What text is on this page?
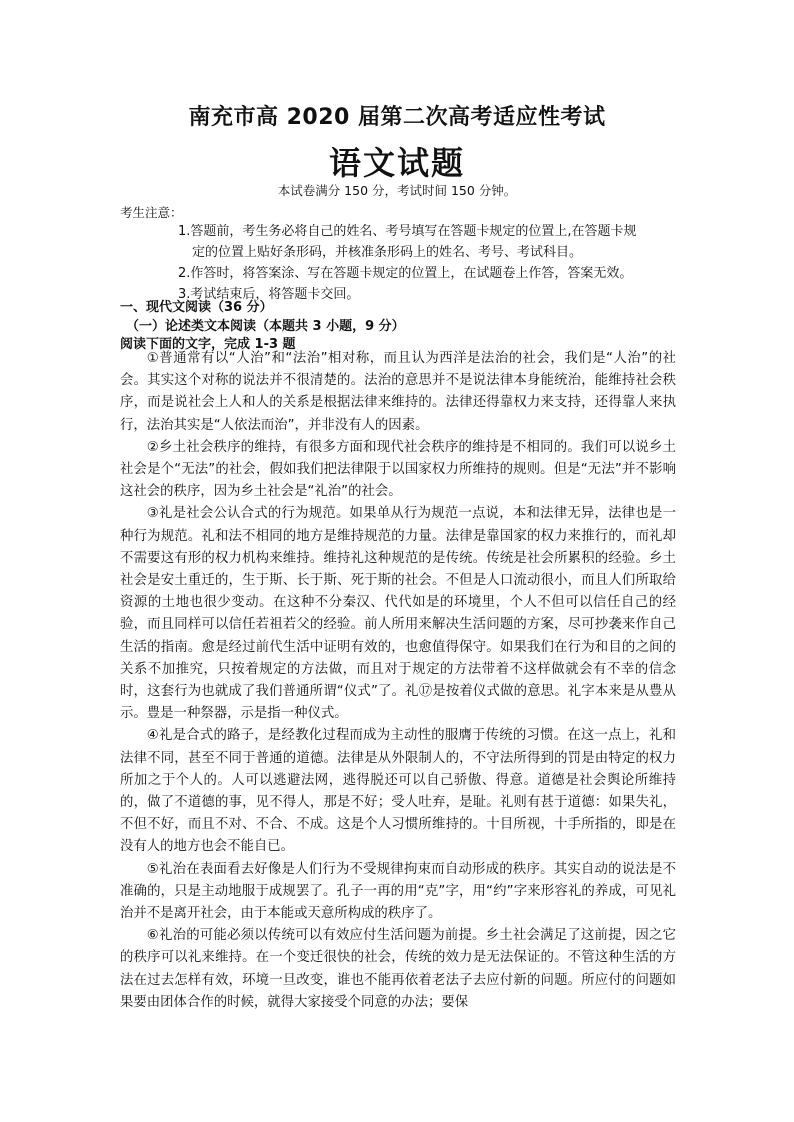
南充市高 2020 届第二次高考适应性考试
语文试题
本试卷满分 150 分，考试时间 150 分钟。
考生注意：
1.答题前，考生务必将自己的姓名、考号填写在答题卡规定的位置上,在答题卡规
定的位置上贴好条形码，并核准条形码上的姓名、考号、考试科目。
2.作答时，将答案涂、写在答题卡规定的位置上，在试题卷上作答，答案无效。
3.考试结束后，将答题卡交回。
一、现代文阅读（36 分）
（一）论述类文本阅读（本题共 3 小题，9 分）
阅读下面的文字，完成 1-3 题

①普通常有以“人治”和“法治”相对称，而且认为西洋是法治的社会，我们是“人治”的社会。其实这个对称的说法并不很清楚的。法治的意思并不是说法律本身能统治，能维持社会秩序，而是说社会上人和人的关系是根据法律来维持的。法律还得靠权力来支持，还得靠人来执行，法治其实是“人依法而治”，并非没有人的因素。

②乡土社会秩序的维持，有很多方面和现代社会秩序的维持是不相同的。我们可以说乡土社会是个“无法”的社会，假如我们把法律限于以国家权力所维持的规则。但是“无法”并不影响这社会的秩序，因为乡土社会是“礼治”的社会。

③礼是社会公认合式的行为规范。如果单从行为规范一点说，本和法律无异，法律也是一种行为规范。礼和法不相同的地方是维持规范的力量。法律是靠国家的权力来推行的，而礼却不需要这有形的权力机构来维持。维持礼这种规范的是传统。传统是社会所累积的经验。乡土社会是安土重迁的，生于斯、长于斯、死于斯的社会。不但是人口流动很小，而且人们所取给资源的土地也很少变动。在这种不分秦汉、代代如是的环境里，个人不但可以信任自己的经验，而且同样可以信任若祖若父的经验。前人所用来解决生活问题的方案，尽可抄袭来作自己生活的指南。愈是经过前代生活中证明有效的，也愈值得保守。如果我们在行为和目的之间的关系不加推究，只按着规定的方法做，而且对于规定的方法带着不这样做就会有不幸的信念时，这套行为也就成了我们普通所谓“仪式”了。礼⑰是按着仪式做的意思。礼字本来是从豊从示。豊是一种祭器，示是指一种仪式。

④礼是合式的路子，是经教化过程而成为主动性的服膺于传统的习惯。在这一点上，礼和法律不同，甚至不同于普通的道德。法律是从外限制人的，不守法所得到的罚是由特定的权力所加之于个人的。人可以逃避法网，逃得脱还可以自己骄傲、得意。道德是社会舆论所维持的，做了不道德的事，见不得人，那是不好；受人吐弃，是耻。礼则有甚于道德：如果失礼，不但不好，而且不对、不合、不成。这是个人习惯所维持的。十目所视，十手所指的，即是在没有人的地方也会不能自已。

⑤礼治在表面看去好像是人们行为不受规律拘束而自动形成的秩序。其实自动的说法是不准确的，只是主动地服于成规罢了。孔子一再的用“克”字，用“约”字来形容礼的养成，可见礼治并不是离开社会，由于本能或天意所构成的秩序了。

⑥礼治的可能必须以传统可以有效应付生活问题为前提。乡土社会满足了这前提，因之它的秩序可以礼来维持。在一个变迁很快的社会，传统的效力是无法保证的。不管这种生活的方法在过去怎样有效，环境一旦改变，谁也不能再依着老法子去应付新的问题。所应付的问题如果要由团体合作的时候，就得大家接受个同意的办法；要保
